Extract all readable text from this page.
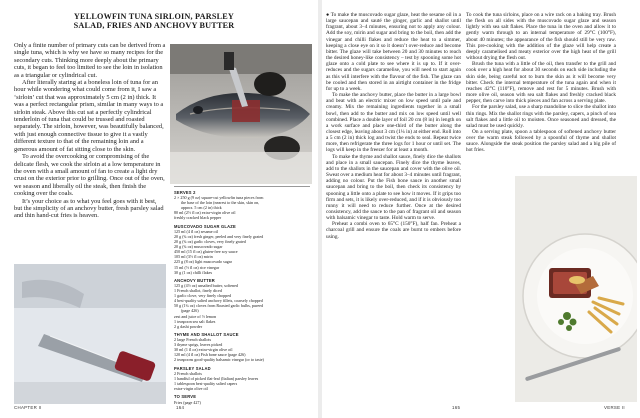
YELLOWFIN TUNA SIRLOIN, PARSLEY SALAD, FRIES AND ANCHOVY BUTTER

Only a finite number of primary cuts can be derived from a single tuna, which is why we have so many recipes for the secondary cuts. Thinking more deeply about the primary cuts, it began to feel too limited to see the loin in isolation as a triangular or cylindrical cut.

After literally staring at a boneless loin of tuna for an hour while wondering what could come from it, I saw a ‘sirloin’ cut that was approximately 5 cm (2 in) thick. It was a perfect rectangular prism, similar in many ways to a sirloin steak. Above this cut sat a perfectly cylindrical tenderloin of tuna that could be trussed and roasted separately. The sirloin, however, was beautifully balanced, with just enough connective tissue to give it a vastly different texture to that of the remaining loin and a generous amount of fat sitting close to the skin.

To avoid the overcooking or compromising of the delicate flesh, we cook the sirloin at a low temperature in the oven with a small amount of fan to create a light dry crust on the exterior prior to grilling. Once out of the oven, we season and liberally oil the steak, then finish the cooking over the coals.

It’s your choice as to what you feel goes with it best, but the simplicity of an anchovy butter, fresh parsley salad and thin hand-cut fries is heaven.

SERVES 2
2 × 250 g (9 oz) square-cut yellowfin tuna pieces from
the base of the loin (nearest to the skin, skin on,
approx. 5 cm (2 in) thick
80 ml (2½ fl oz) extra-virgin olive oil
freshly cracked black pepper
MUSCOVADO SUGAR GLAZE
125 ml (4 fl oz) sesame oil
20 g (¾ oz) fresh ginger, peeled and very finely grated
20 g (¾ oz) garlic cloves, very finely grated
20 g (¾ oz) muscovado sugar
450 ml (15 fl oz) gluten-free soy sauce
105 ml (3½ fl oz) mirin
225 g (8 oz) light muscovado sugar
15 ml (½ fl oz) rice vinegar
30 g (1 oz) chilli flakes
ANCHOVY BUTTER
125 g (4½ oz) unsalted butter, softened
1 French shallot, finely diced
1 garlic clove, very finely chopped
4 best-quality salted anchovy fillets, coarsely chopped
50 g (1¾ oz) cloves from Roasted garlic bulbs, pureed
(page 426)
zest and juice of ½ lemon
1 teaspoon sea salt flakes
2 g dashi powder
THYME AND SHALLOT SAUCE
2 large French shallots
3 thyme sprigs, leaves picked
30 ml (1 fl oz) extra-virgin olive oil
120 ml (4 fl oz) Fish bone sauce (page 426)
2 teaspoons good-quality balsamic vinegar (or to taste)
PARSLEY SALAD
2 French shallots
1 handful of picked flat-leaf (Italian) parsley leaves
1 tablespoon best-quality salted capers
extra-virgin olive oil
TO SERVE
Fries (page 427)
CHAPTER II	164

● To make the muscovado sugar glaze, heat the sesame oil in a large saucepan and sauté the ginger, garlic and shallot until fragrant, about 3–4 minutes, ensuring not to apply any colour. Add the soy, mirin and sugar and bring to the boil, then add the vinegar and chilli flakes and reduce the heat to a simmer, keeping a close eye on it so it doesn’t over-reduce and become bitter. The glaze will take between 20 and 30 minutes to reach the desired honey-like consistency – test by spooning some hot glaze onto a cold plate to see where it is up to. If it over-reduces and the sugars caramelise, you will need to start again as this will interfere with the flavour of the fish. The glaze can be cooled and then stored in an airtight container in the fridge for up to a week.

To make the anchovy butter, place the butter in a large bowl and beat with an electric mixer on low speed until pale and creamy. Mix the remaining ingredients together in a small bowl, then add to the butter and mix on low speed until well combined. Place a double layer of foil 20 cm (8 in) in length on a work surface and place one-third of the butter along the closest edge, leaving about 3 cm (1¼ in) at either end. Roll into a 5 cm (2 in) thick log and twist the ends to seal. Repeat twice more, then refrigerate the three logs for 1 hour or until set. The logs will keep in the freezer for at least a month.

To make the thyme and shallot sauce, finely dice the shallots and place in a small saucepan. Finely dice the thyme leaves, add to the shallots in the saucepan and cover with the olive oil. Sweat over a medium heat for about 3–4 minutes until fragrant, adding no colour. Put the Fish bone sauce in another small saucepan and bring to the boil, then check its consistency by spooning a little onto a plate to see how it moves. If it grips too firm and sets, it is likely over-reduced, and if it is obviously too runny it will need to reduce further. Once at the desired consistency, add the sauce to the pan of fragrant oil and season with balsamic vinegar to taste. Hold warm to serve.

Preheat a combi oven to 65°C (150°F), half fan. Preheat a charcoal grill and ensure the coals are burnt to embers before using.

To cook the tuna sirloins, place on a wire rack on a baking tray. Brush the flesh on all sides with the muscovado sugar glaze and season lightly with sea salt flakes. Place the tuna in the oven and allow it to gently warm through to an internal temperature of 29°C (100°F), about 40 minutes; the appearance of the fish should still be very raw. This pre-cooking with the addition of the glaze will help create a deeply caramelised and meaty exterior over the high heat of the grill without drying the flesh out.

Brush the tuna with a little of the oil, then transfer to the grill and cook over a high heat for about 30 seconds on each side including the skin side, being careful not to burn the skin as it will become very bitter. Check the internal temperature of the tuna again and when it reaches 42°C (110°F), remove and rest for 5 minutes. Brush with more olive oil, season with sea salt flakes and freshly cracked black pepper, then carve into thick pieces and fan across a serving plate.

For the parsley salad, use a sharp mandoline to slice the shallot into thin rings. Mix the shallot rings with the parsley, capers, a pinch of sea salt flakes and a little oil to moisten. Once seasoned and dressed, the salad must be used quickly.

On a serving plate, spoon a tablespoon of softened anchovy butter over the warm steak followed by a spoonful of thyme and shallot sauce. Alongside the steak position the parsley salad and a big pile of hot fries.

165	VERSE II
